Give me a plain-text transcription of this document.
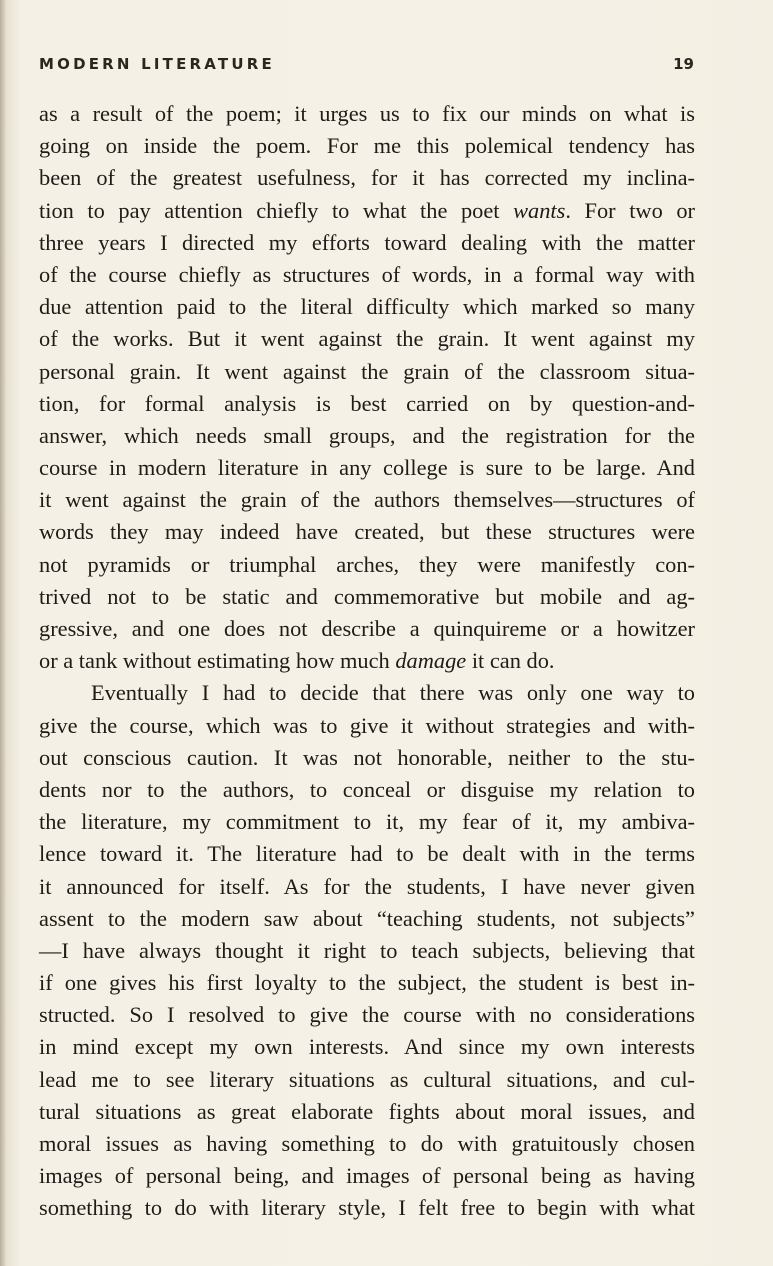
MODERN LITERATURE	19
as a result of the poem; it urges us to fix our minds on what is
going on inside the poem. For me this polemical tendency has
been of the greatest usefulness, for it has corrected my inclina-
tion to pay attention chiefly to what the poet wants. For two or
three years I directed my efforts toward dealing with the matter
of the course chiefly as structures of words, in a formal way with
due attention paid to the literal difficulty which marked so many
of the works. But it went against the grain. It went against my
personal grain. It went against the grain of the classroom situa-
tion, for formal analysis is best carried on by question-and-
answer, which needs small groups, and the registration for the
course in modern literature in any college is sure to be large. And
it went against the grain of the authors themselves—structures of
words they may indeed have created, but these structures were
not pyramids or triumphal arches, they were manifestly con-
trived not to be static and commemorative but mobile and ag-
gressive, and one does not describe a quinquireme or a howitzer
or a tank without estimating how much damage it can do.
Eventually I had to decide that there was only one way to
give the course, which was to give it without strategies and with-
out conscious caution. It was not honorable, neither to the stu-
dents nor to the authors, to conceal or disguise my relation to
the literature, my commitment to it, my fear of it, my ambiva-
lence toward it. The literature had to be dealt with in the terms
it announced for itself. As for the students, I have never given
assent to the modern saw about “teaching students, not subjects”
—I have always thought it right to teach subjects, believing that
if one gives his first loyalty to the subject, the student is best in-
structed. So I resolved to give the course with no considerations
in mind except my own interests. And since my own interests
lead me to see literary situations as cultural situations, and cul-
tural situations as great elaborate fights about moral issues, and
moral issues as having something to do with gratuitously chosen
images of personal being, and images of personal being as having
something to do with literary style, I felt free to begin with what
